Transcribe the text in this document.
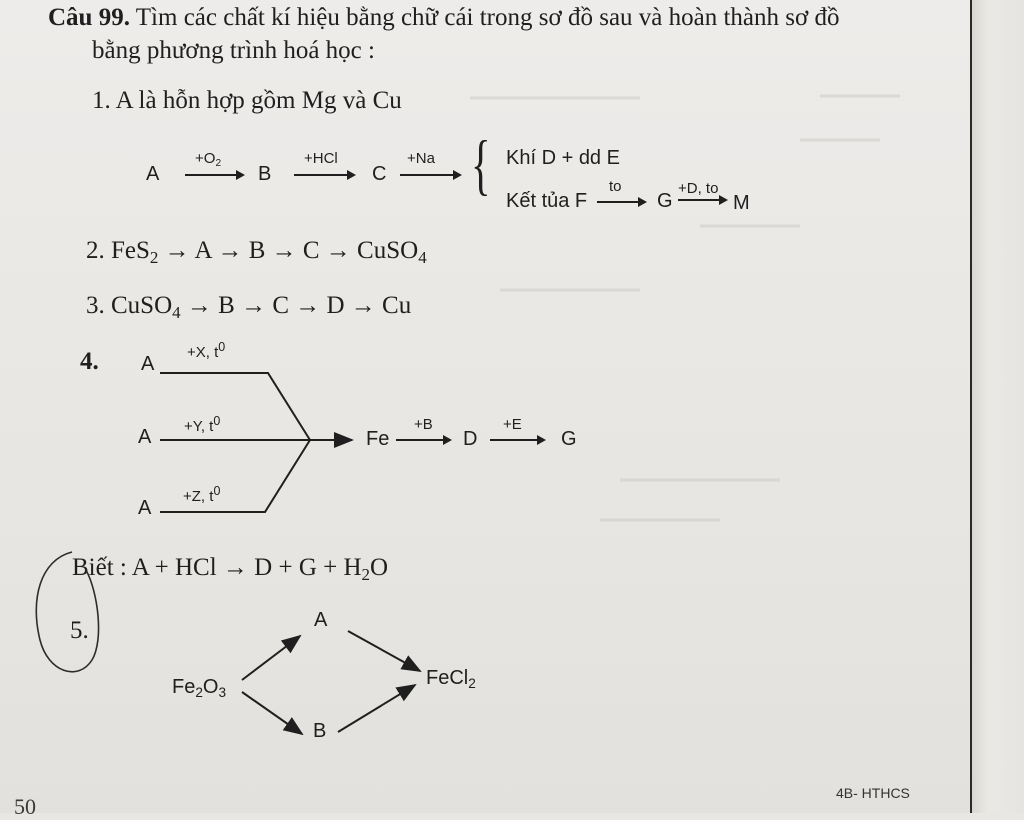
Câu 99. Tìm các chất kí hiệu bằng chữ cái trong sơ đồ sau và hoàn thành sơ đồ
bằng phương trình hoá học :
1. A là hỗn hợp gồm Mg và Cu
A
$+O_2$ B
+HCl
C
+Na { Khí D + dd E
Kết tủa F
to
G
+D, to
M
2. FeS$_2$ → A → B → C → CuSO$_4$
3. CuSO$_4$ → B → C → D → Cu
4. A
+X, $t^0$
A +Y, $t^0$
A
+Z, $t^0$
Fe
+B
D
+E
G
Biết : A + HCl → $D + G + H_2O$
5.	A
$Fe_2O_3$
FeCl$_2$
B
50
4B- HTHCS
